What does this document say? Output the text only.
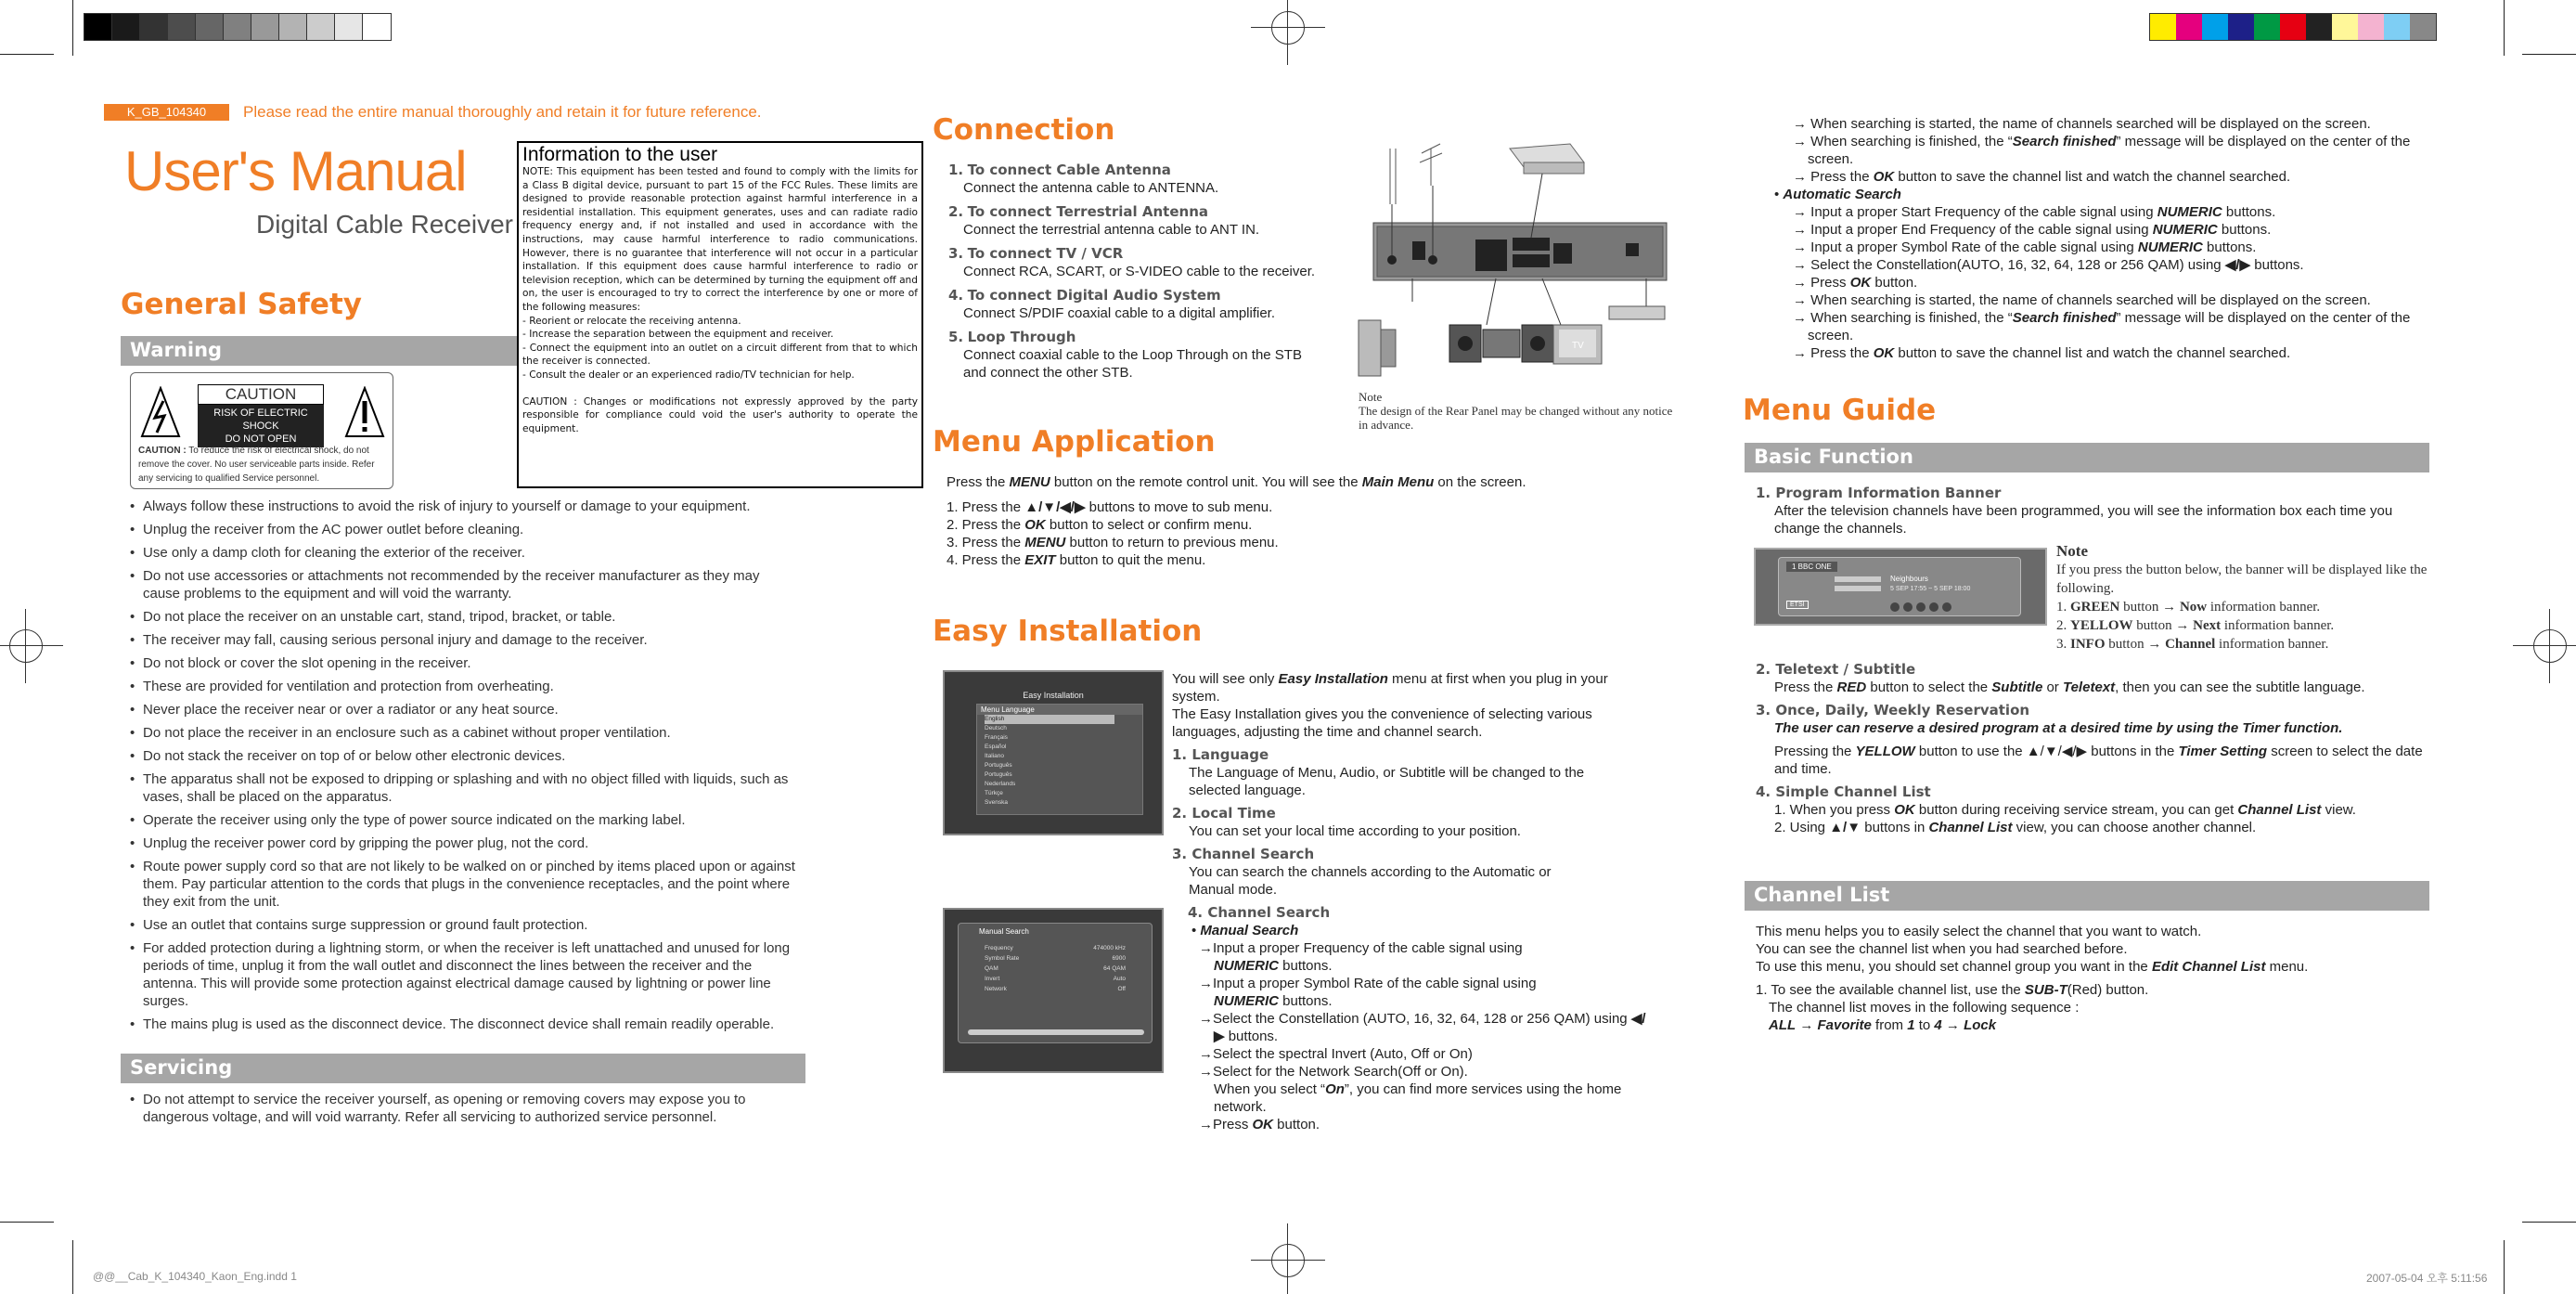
K_GB_104340	Please read the entire manual thoroughly and retain it for future reference.
User's Manual
Digital Cable Receiver
General Safety
Warning
CAUTION
RISK OF ELECTRIC SHOCK
DO NOT OPEN
CAUTION : To reduce the risk of electrical shock, do not remove the cover. No user serviceable parts inside. Refer any servicing to qualified Service personnel.
Information to the user
NOTE: This equipment has been tested and found to comply with the limits for a Class B digital device, pursuant to part 15 of the FCC Rules. These limits are designed to provide reasonable protection against harmful interference in a residential installation. This equipment generates, uses and can radiate radio frequency energy and, if not installed and used in accordance with the instructions, may cause harmful interference to radio communications. However, there is no guarantee that interference will not occur in a particular installation. If this equipment does cause harmful interference to radio or television reception, which can be determined by turning the equipment off and on, the user is encouraged to try to correct the interference by one or more of the following measures:
- Reorient or relocate the receiving antenna.
- Increase the separation between the equipment and receiver.
- Connect the equipment into an outlet on a circuit different from that to which the receiver is connected.
- Consult the dealer or an experienced radio/TV technician for help.
CAUTION : Changes or modifications not expressly approved by the party responsible for compliance could void the user's authority to operate the equipment.
• Always follow these instructions to avoid the risk of injury to yourself or damage to your equipment.
• Unplug the receiver from the AC power outlet before cleaning.
• Use only a damp cloth for cleaning the exterior of the receiver.
• Do not use accessories or attachments not recommended by the receiver manufacturer as they may cause problems to the equipment and will void the warranty.
• Do not place the receiver on an unstable cart, stand, tripod, bracket, or table.
• The receiver may fall, causing serious personal injury and damage to the receiver.
• Do not block or cover the slot opening in the receiver.
• These are provided for ventilation and protection from overheating.
• Never place the receiver near or over a radiator or any heat source.
• Do not place the receiver in an enclosure such as a cabinet without proper ventilation.
• Do not stack the receiver on top of or below other electronic devices.
• The apparatus shall not be exposed to dripping or splashing and with no object filled with liquids, such as vases, shall be placed on the apparatus.
• Operate the receiver using only the type of power source indicated on the marking label.
• Unplug the receiver power cord by gripping the power plug, not the cord.
• Route power supply cord so that are not likely to be walked on or pinched by items placed upon or against them. Pay particular attention to the cords that plugs in the convenience receptacles, and the point where they exit from the unit.
• Use an outlet that contains surge suppression or ground fault protection.
• For added protection during a lightning storm, or when the receiver is left unattached and unused for long periods of time, unplug it from the wall outlet and disconnect the lines between the receiver and the antenna. This will provide some protection against electrical damage caused by lightning or power line surges.
• The mains plug is used as the disconnect device. The disconnect device shall remain readily operable.
Servicing
• Do not attempt to service the receiver yourself, as opening or removing covers may expose you to dangerous voltage, and will void warranty. Refer all servicing to authorized service personnel.
Connection
1. To connect Cable Antenna
Connect the antenna cable to ANTENNA.
2. To connect Terrestrial Antenna
Connect the terrestrial antenna cable to ANT IN.
3. To connect TV / VCR
Connect RCA, SCART, or S-VIDEO cable to the receiver.
4. To connect Digital Audio System
Connect S/PDIF coaxial cable to a digital amplifier.
5. Loop Through
Connect coaxial cable to the Loop Through on the STB and connect the other STB.
TV
Note
The design of the Rear Panel may be changed without any notice in advance.
Menu Application
Press the MENU button on the remote control unit. You will see the Main Menu on the screen.
1. Press the ▲/▼/◀/▶ buttons to move to sub menu.
2. Press the OK button to select or confirm menu.
3. Press the MENU button to return to previous menu.
4. Press the EXIT button to quit the menu.
Easy Installation
Easy Installation
Menu Language
English
Deutsch
Français
Español
Italiano
Português
Português
Nederlands
Türkçe
Svenska
You will see only Easy Installation menu at first when you plug in your system.
The Easy Installation gives you the convenience of selecting various languages, adjusting the time and channel search.
1. Language
The Language of Menu, Audio, or Subtitle will be changed to the selected language.
2. Local Time
You can set your local time according to your position.
3. Channel Search
You can search the channels according to the Automatic or Manual mode.
Manual Search
Frequency	474000 kHz
Symbol Rate	6900
QAM	64 QAM
Invert	Auto
Network	Off
4. Channel Search
• Manual Search
→Input a proper Frequency of the cable signal using
NUMERIC buttons.
→Input a proper Symbol Rate of the cable signal using
NUMERIC buttons.
→Select the Constellation (AUTO, 16, 32, 64, 128 or 256 QAM) using ◀/▶ buttons.
→Select the spectral Invert (Auto, Off or On)
→Select for the Network Search(Off or On).
When you select “On”, you can find more services using the home network.
→Press OK button.
→ When searching is started, the name of channels searched will be displayed on the screen.
→ When searching is finished, the “Search finished” message will be displayed on the center of the screen.
→ Press the OK button to save the channel list and watch the channel searched.
• Automatic Search
→ Input a proper Start Frequency of the cable signal using NUMERIC buttons.
→ Input a proper End Frequency of the cable signal using NUMERIC buttons.
→ Input a proper Symbol Rate of the cable signal using NUMERIC buttons.
→ Select the Constellation(AUTO, 16, 32, 64, 128 or 256 QAM) using ◀/▶ buttons.
→ Press OK button.
→ When searching is started, the name of channels searched will be displayed on the screen.
→ When searching is finished, the “Search finished” message will be displayed on the center of the screen.
→ Press the OK button to save the channel list and watch the channel searched.
Menu Guide
Basic Function
1. Program Information Banner
After the television channels have been programmed, you will see the information box each time you change the channels.
1 BBC ONE
Neighbours
5 SEP 17:55 ~ 5 SEP 18:00
ETSI
Note
If you press the button below, the banner will be displayed like the following.
1. GREEN button → Now information banner.
2. YELLOW button → Next information banner.
3. INFO button → Channel information banner.
2. Teletext / Subtitle
Press the RED button to select the Subtitle or Teletext, then you can see the subtitle language.
3. Once, Daily, Weekly Reservation
The user can reserve a desired program at a desired time by using the Timer function.
Pressing the YELLOW button to use the ▲/▼/◀/▶ buttons in the Timer Setting screen to select the date and time.
4. Simple Channel List
1. When you press OK button during receiving service stream, you can get Channel List view.
2. Using ▲/▼ buttons in Channel List view, you can choose another channel.
Channel List
This menu helps you to easily select the channel that you want to watch.
You can see the channel list when you had searched before.
To use this menu, you should set channel group you want in the Edit Channel List menu.
1. To see the available channel list, use the SUB-T(Red) button.
The channel list moves in the following sequence :
ALL → Favorite from 1 to 4 → Lock
@@__Cab_K_104340_Kaon_Eng.indd 1	2007-05-04 오후 5:11:56
